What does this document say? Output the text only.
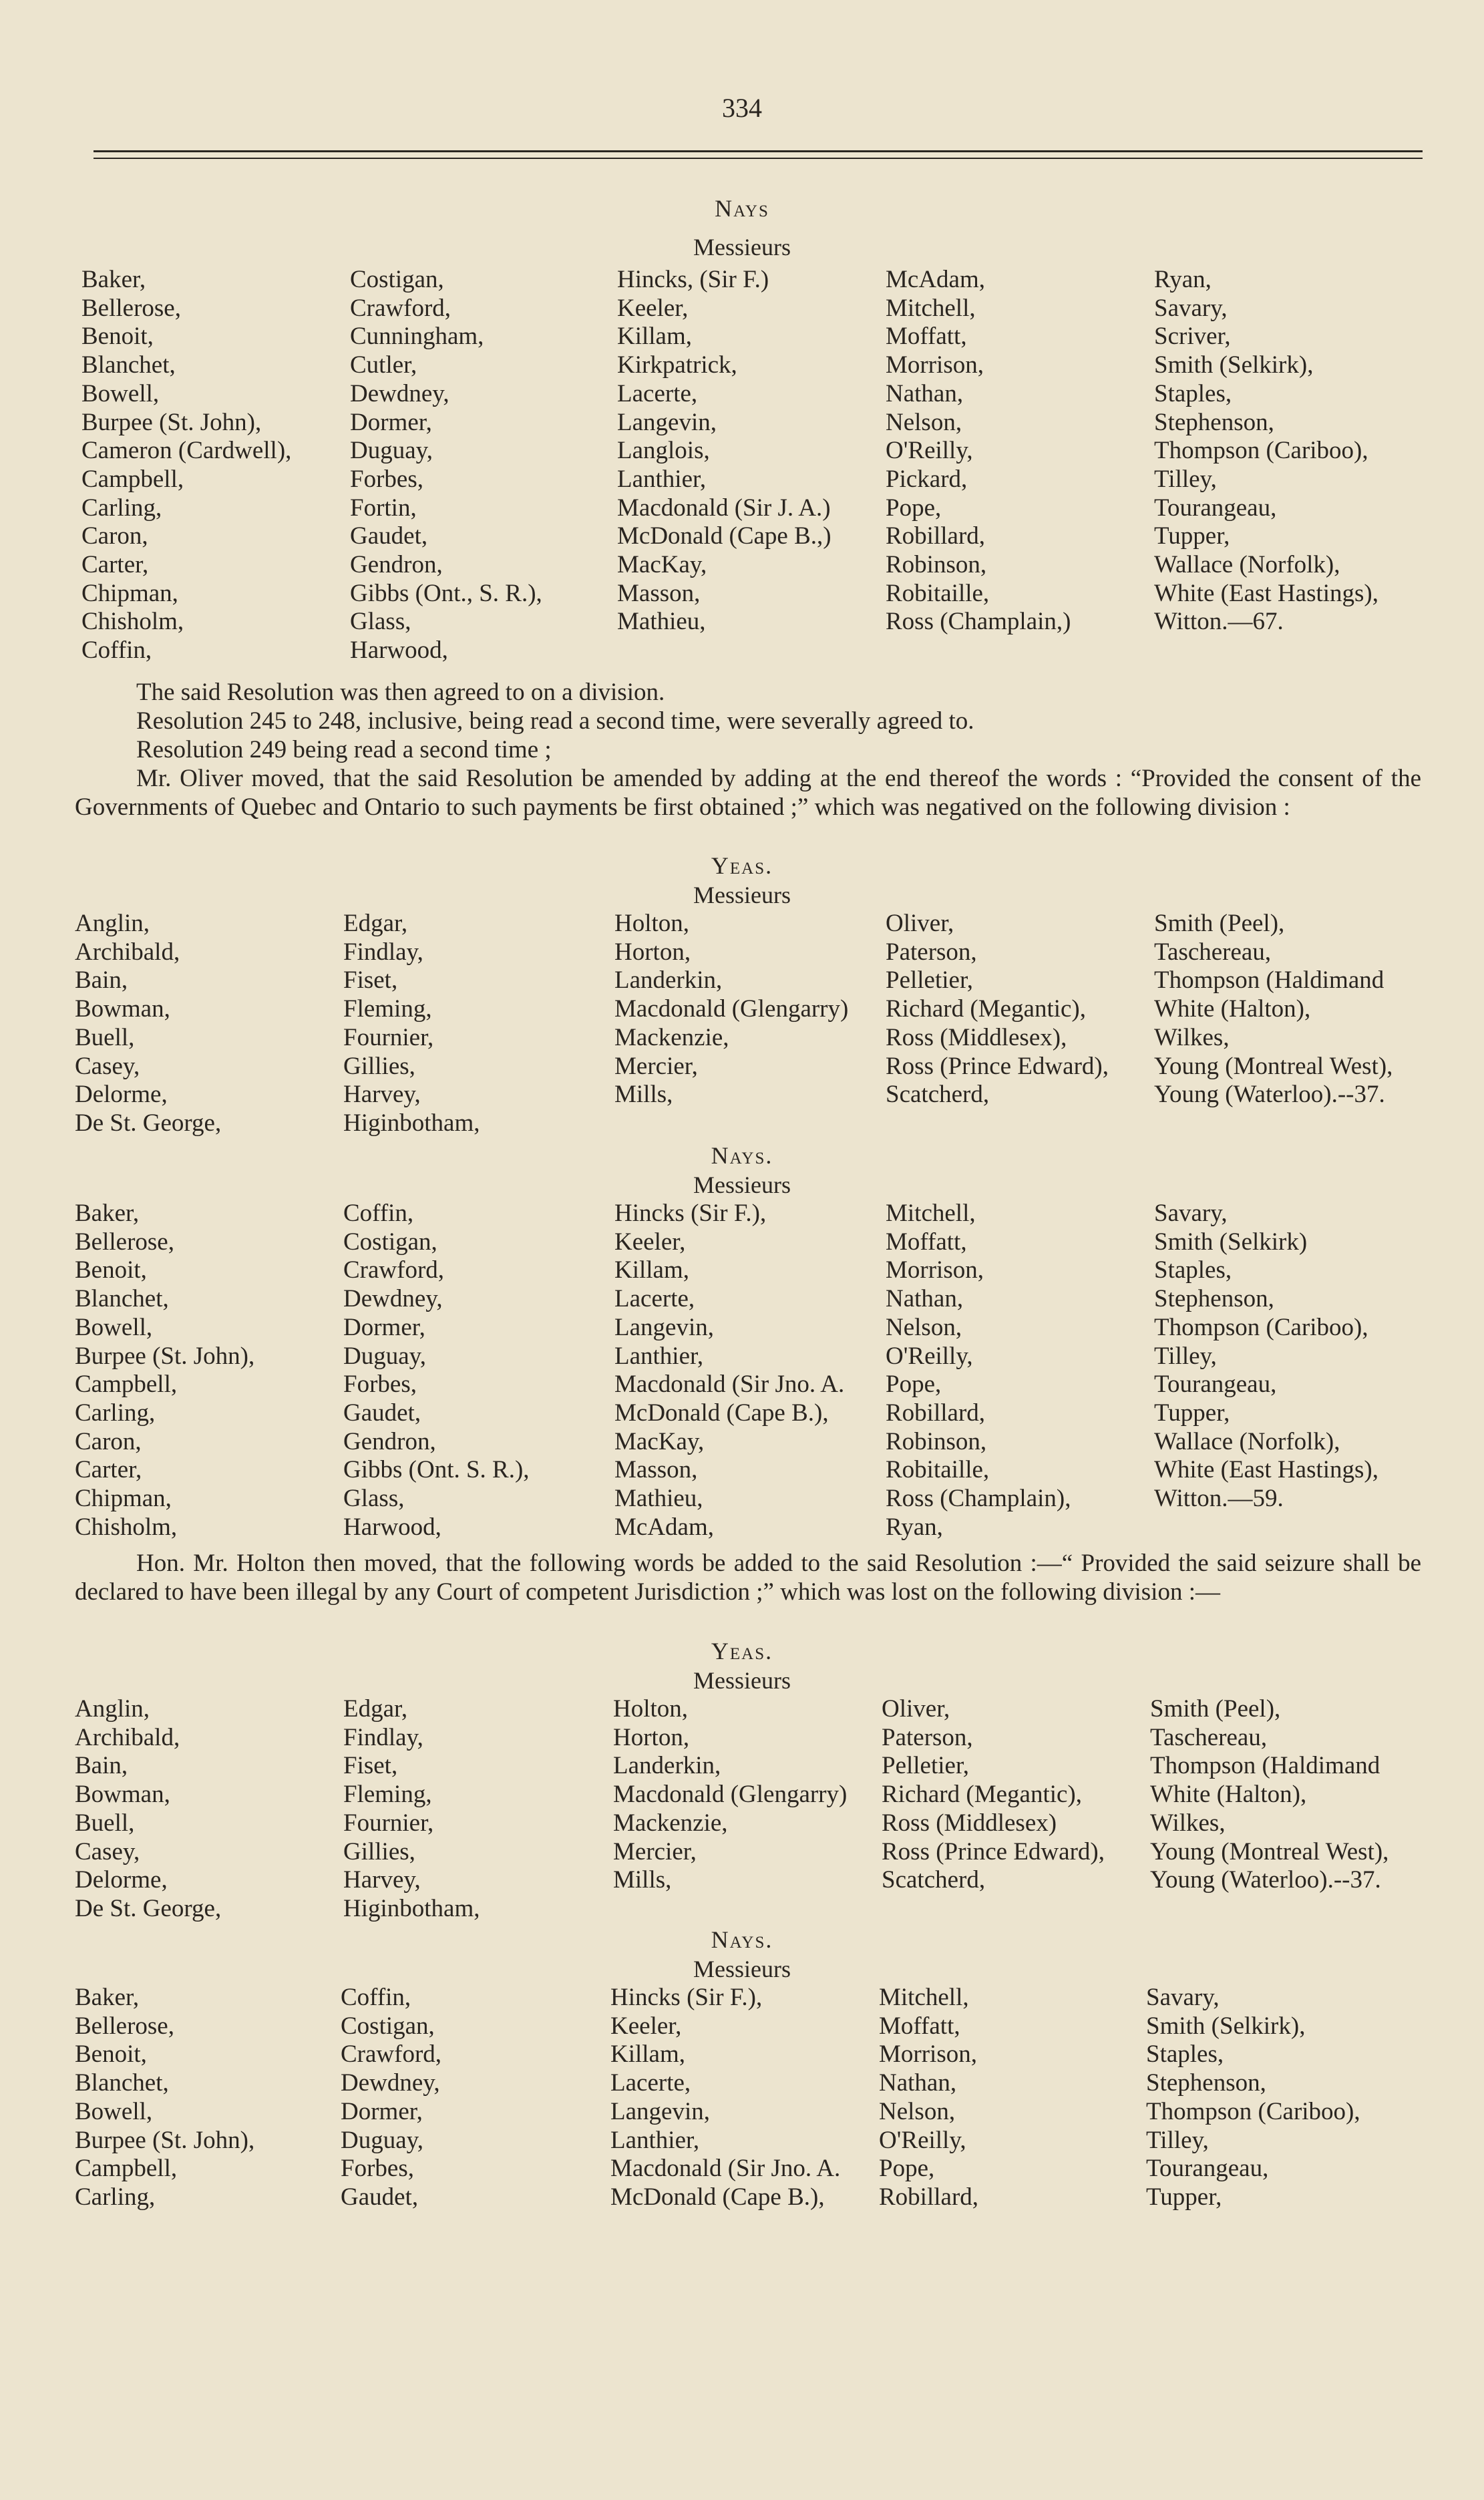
334
Nays
Messieurs
Baker,
Bellerose,
Benoit,
Blanchet,
Bowell,
Burpee (St. John),
Cameron (Cardwell),
Campbell,
Carling,
Caron,
Carter,
Chipman,
Chisholm,
Coffin,
Costigan,
Crawford,
Cunningham,
Cutler,
Dewdney,
Dormer,
Duguay,
Forbes,
Fortin,
Gaudet,
Gendron,
Gibbs (Ont., S. R.),
Glass,
Harwood,
Hincks, (Sir F.)
Keeler,
Killam,
Kirkpatrick,
Lacerte,
Langevin,
Langlois,
Lanthier,
Macdonald (Sir J. A.)
McDonald (Cape B.,)
MacKay,
Masson,
Mathieu,
McAdam,
Mitchell,
Moffatt,
Morrison,
Nathan,
Nelson,
O'Reilly,
Pickard,
Pope,
Robillard,
Robinson,
Robitaille,
Ross (Champlain,)
Ryan,
Savary,
Scriver,
Smith (Selkirk),
Staples,
Stephenson,
Thompson (Cariboo),
Tilley,
Tourangeau,
Tupper,
Wallace (Norfolk),
White (East Hastings),
Witton.—67.
The said Resolution was then agreed to on a division.
Resolution 245 to 248, inclusive, being read a second time, were severally agreed to.
Resolution 249 being read a second time ;
Mr. Oliver moved, that the said Resolution be amended by adding at the end thereof the words : “Provided the consent of the Governments of Quebec and Ontario to such payments be first obtained ;” which was negatived on the following division :
Yeas.
Messieurs
Anglin,
Archibald,
Bain,
Bowman,
Buell,
Casey,
Delorme,
De St. George,
Edgar,
Findlay,
Fiset,
Fleming,
Fournier,
Gillies,
Harvey,
Higinbotham,
Holton,
Horton,
Landerkin,
Macdonald (Glengarry)
Mackenzie,
Mercier,
Mills,
Oliver,
Paterson,
Pelletier,
Richard (Megantic),
Ross (Middlesex),
Ross (Prince Edward),
Scatcherd,
Smith (Peel),
Taschereau,
Thompson (Haldimand
White (Halton),
Wilkes,
Young (Montreal West),
Young (Waterloo).--37.
Nays.
Messieurs
Baker,
Bellerose,
Benoit,
Blanchet,
Bowell,
Burpee (St. John),
Campbell,
Carling,
Caron,
Carter,
Chipman,
Chisholm,
Coffin,
Costigan,
Crawford,
Dewdney,
Dormer,
Duguay,
Forbes,
Gaudet,
Gendron,
Gibbs (Ont. S. R.),
Glass,
Harwood,
Hincks (Sir F.),
Keeler,
Killam,
Lacerte,
Langevin,
Lanthier,
Macdonald (Sir Jno. A.
McDonald (Cape B.),
MacKay,
Masson,
Mathieu,
McAdam,
Mitchell,
Moffatt,
Morrison,
Nathan,
Nelson,
O'Reilly,
Pope,
Robillard,
Robinson,
Robitaille,
Ross (Champlain),
Ryan,
Savary,
Smith (Selkirk)
Staples,
Stephenson,
Thompson (Cariboo),
Tilley,
Tourangeau,
Tupper,
Wallace (Norfolk),
White (East Hastings),
Witton.—59.
Hon. Mr. Holton then moved, that the following words be added to the said Resolution :—“ Provided the said seizure shall be declared to have been illegal by any Court of competent Jurisdiction ;” which was lost on the following division :—
Yeas.
Messieurs
Anglin,
Archibald,
Bain,
Bowman,
Buell,
Casey,
Delorme,
De St. George,
Edgar,
Findlay,
Fiset,
Fleming,
Fournier,
Gillies,
Harvey,
Higinbotham,
Holton,
Horton,
Landerkin,
Macdonald (Glengarry)
Mackenzie,
Mercier,
Mills,
Oliver,
Paterson,
Pelletier,
Richard (Megantic),
Ross (Middlesex)
Ross (Prince Edward),
Scatcherd,
Smith (Peel),
Taschereau,
Thompson (Haldimand
White (Halton),
Wilkes,
Young (Montreal West),
Young (Waterloo).--37.
Nays.
Messieurs
Baker,
Bellerose,
Benoit,
Blanchet,
Bowell,
Burpee (St. John),
Campbell,
Carling,
Coffin,
Costigan,
Crawford,
Dewdney,
Dormer,
Duguay,
Forbes,
Gaudet,
Hincks (Sir F.),
Keeler,
Killam,
Lacerte,
Langevin,
Lanthier,
Macdonald (Sir Jno. A.
McDonald (Cape B.),
Mitchell,
Moffatt,
Morrison,
Nathan,
Nelson,
O'Reilly,
Pope,
Robillard,
Savary,
Smith (Selkirk),
Staples,
Stephenson,
Thompson (Cariboo),
Tilley,
Tourangeau,
Tupper,
